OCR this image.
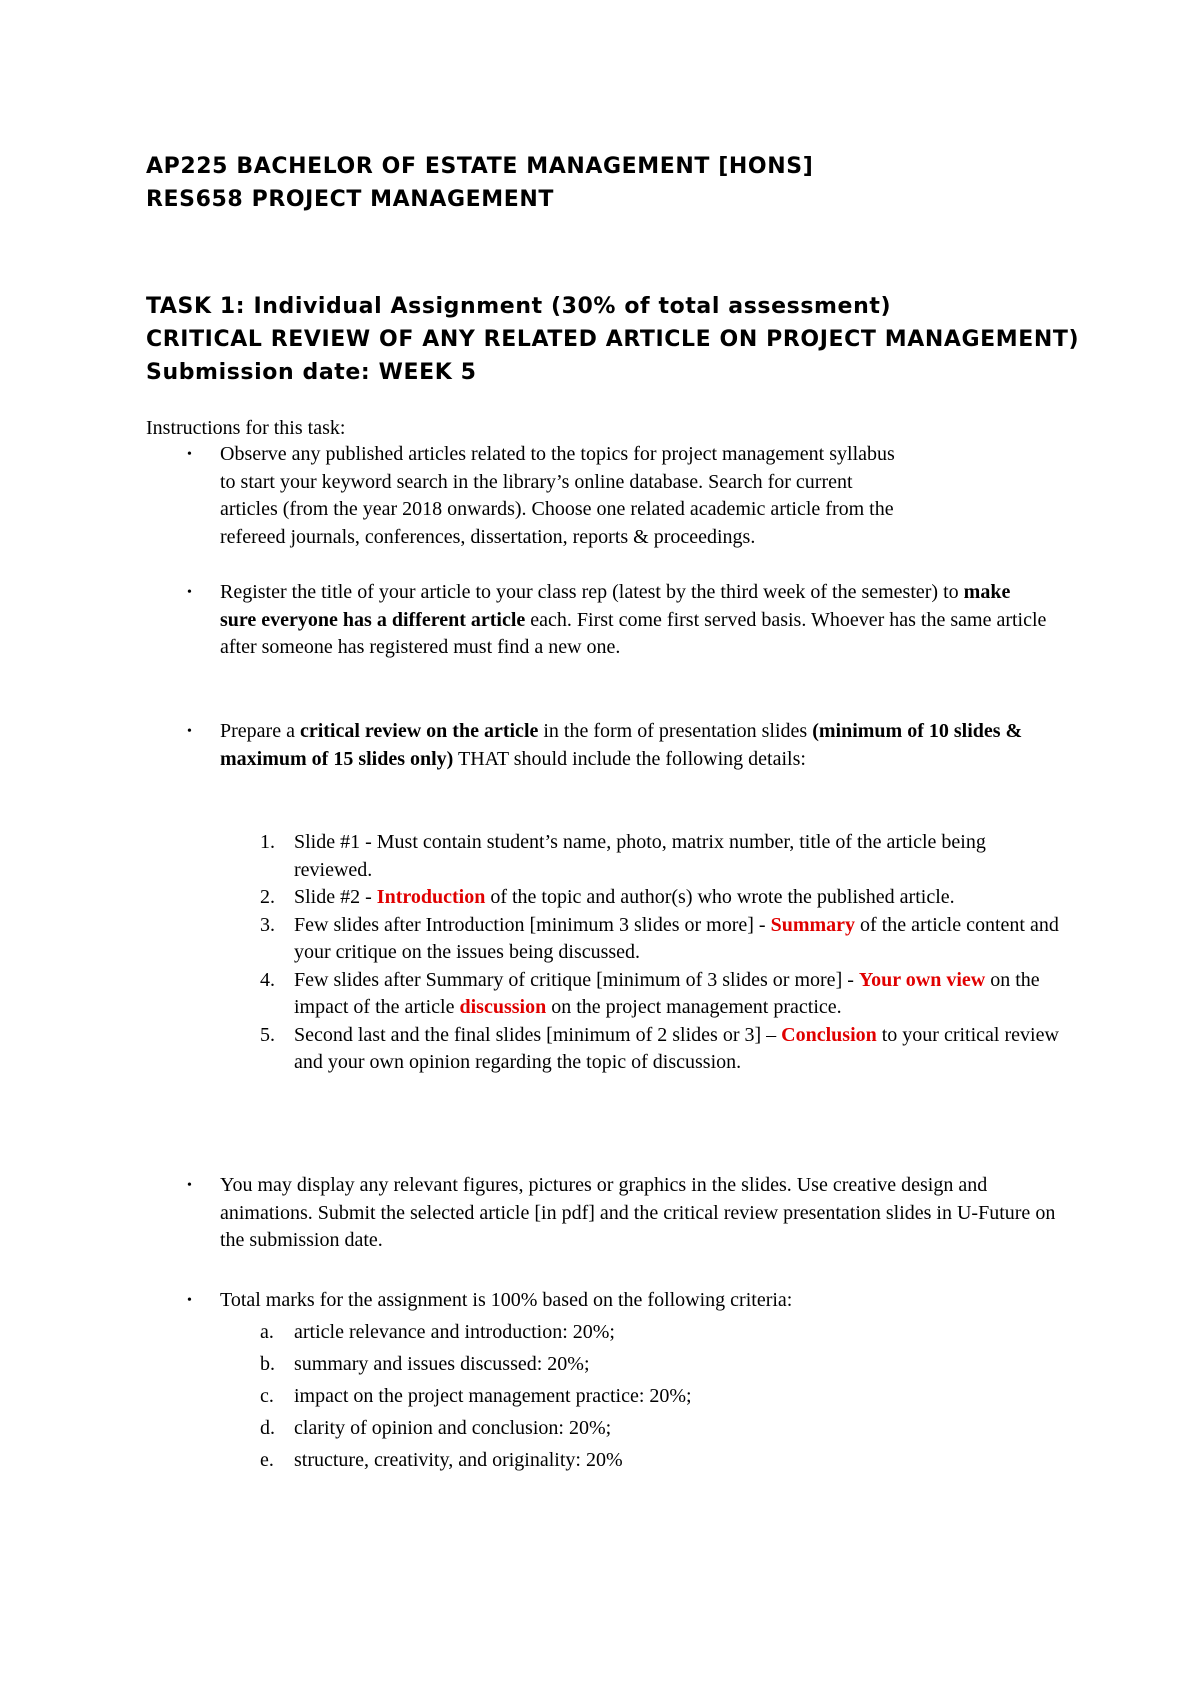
AP225 BACHELOR OF ESTATE MANAGEMENT [HONS]
RES658 PROJECT MANAGEMENT
TASK 1: Individual Assignment (30% of total assessment)
CRITICAL REVIEW OF ANY RELATED ARTICLE ON PROJECT MANAGEMENT)
Submission date: WEEK 5
Instructions for this task:
• Observe any published articles related to the topics for project management syllabus
to start your keyword search in the library’s online database. Search for current
articles (from the year 2018 onwards). Choose one related academic article from the
refereed journals, conferences, dissertation, reports & proceedings.
• Register the title of your article to your class rep (latest by the third week of the semester) to make sure everyone has a different article each. First come first served basis. Whoever has the same article after someone has registered must find a new one.
• Prepare a critical review on the article in the form of presentation slides (minimum of 10 slides & maximum of 15 slides only) THAT should include the following details:
1. Slide #1 - Must contain student’s name, photo, matrix number, title of the article being reviewed.
2. Slide #2 - Introduction of the topic and author(s) who wrote the published article.
3. Few slides after Introduction [minimum 3 slides or more] - Summary of the article content and your critique on the issues being discussed.
4. Few slides after Summary of critique [minimum of 3 slides or more] - Your own view on the impact of the article discussion on the project management practice.
5. Second last and the final slides [minimum of 2 slides or 3] – Conclusion to your critical review and your own opinion regarding the topic of discussion.
• You may display any relevant figures, pictures or graphics in the slides. Use creative design and animations. Submit the selected article [in pdf] and the critical review presentation slides in U-Future on the submission date.
• Total marks for the assignment is 100% based on the following criteria:
a. article relevance and introduction: 20%;
b. summary and issues discussed: 20%;
c. impact on the project management practice: 20%;
d. clarity of opinion and conclusion: 20%;
e. structure, creativity, and originality: 20%
